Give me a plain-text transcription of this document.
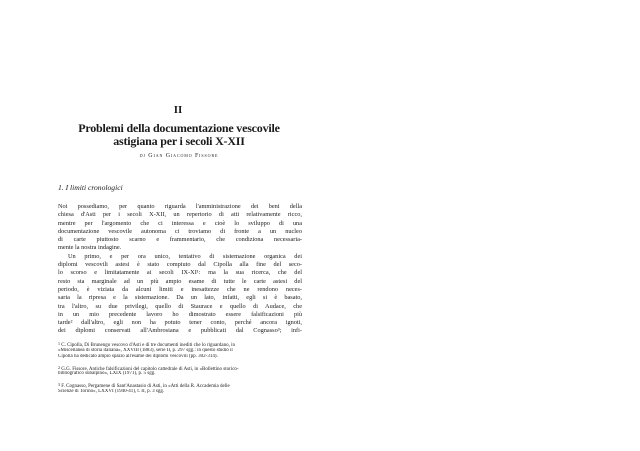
II
Problemi della documentazione vescovile
astigiana per i secoli X-XII
di Gian Giacomo Fissore
1. I limiti cronologici
Noi possediamo, per quanto riguarda l'amministrazione dei beni della
chiesa d'Asti per i secoli X-XII, un repertorio di atti relativamente ricco,
mentre per l'argomento che ci interessa e cioè lo sviluppo di una
documentazione vescovile autonoma ci troviamo di fronte a un nucleo
di carte piuttosto scarno e frammentario, che condiziona necessaria-
mente la nostra indagine.
Un primo, e per ora unico, tentativo di sistemazione organica dei
diplomi vescovili astesi è stato compiuto dal Cipolla alla fine del seco-
lo scorso e limitatamente ai secoli IX-XI¹: ma la sua ricerca, che del
resto sta marginale ad un più ampio esame di tutte le carte astesi del
periodo, è viziata da alcuni limiti e inesattezze che ne rendono neces-
saria la ripresa e la sistemazione. Da un lato, infatti, egli si è basato,
tra l'altro, su due privilegi, quello di Staurace e quello di Audace, che
in un mio precedente lavoro ho dimostrato essere falsificazioni più
tarde² dall'altro, egli non ha potuto tener conto, perché ancora ignoti,
dei diplomi conservati all'Ambrosiana e pubblicati dal Cognasso³; infi-
$^1$ C. Cipolla, Di Brunengo vescovo d'Asti e di tre documenti inediti che lo riguardano, in
«Miscellanea di storia italiana», XXVIII (1883), serie II, p. 297 sgg.: in questo studio il
Cipolla ha dedicato ampio spazio all'esame dei diplomi vescovili (pp. 302-314).
$^2$ G.G. Fissore, Antiche falsificazioni del capitolo cattedrale di Asti, in «Bollettino storico-
bibliografico subalpino», LXIX (1971), p. 5 sgg.
$^3$ F. Cognasso, Pergamene di Sant'Anastasio di Asti, in «Atti della R. Accademia delle
Scienze di Torino», LXXVI (1940-41), t. II, p. 3 sgg.
